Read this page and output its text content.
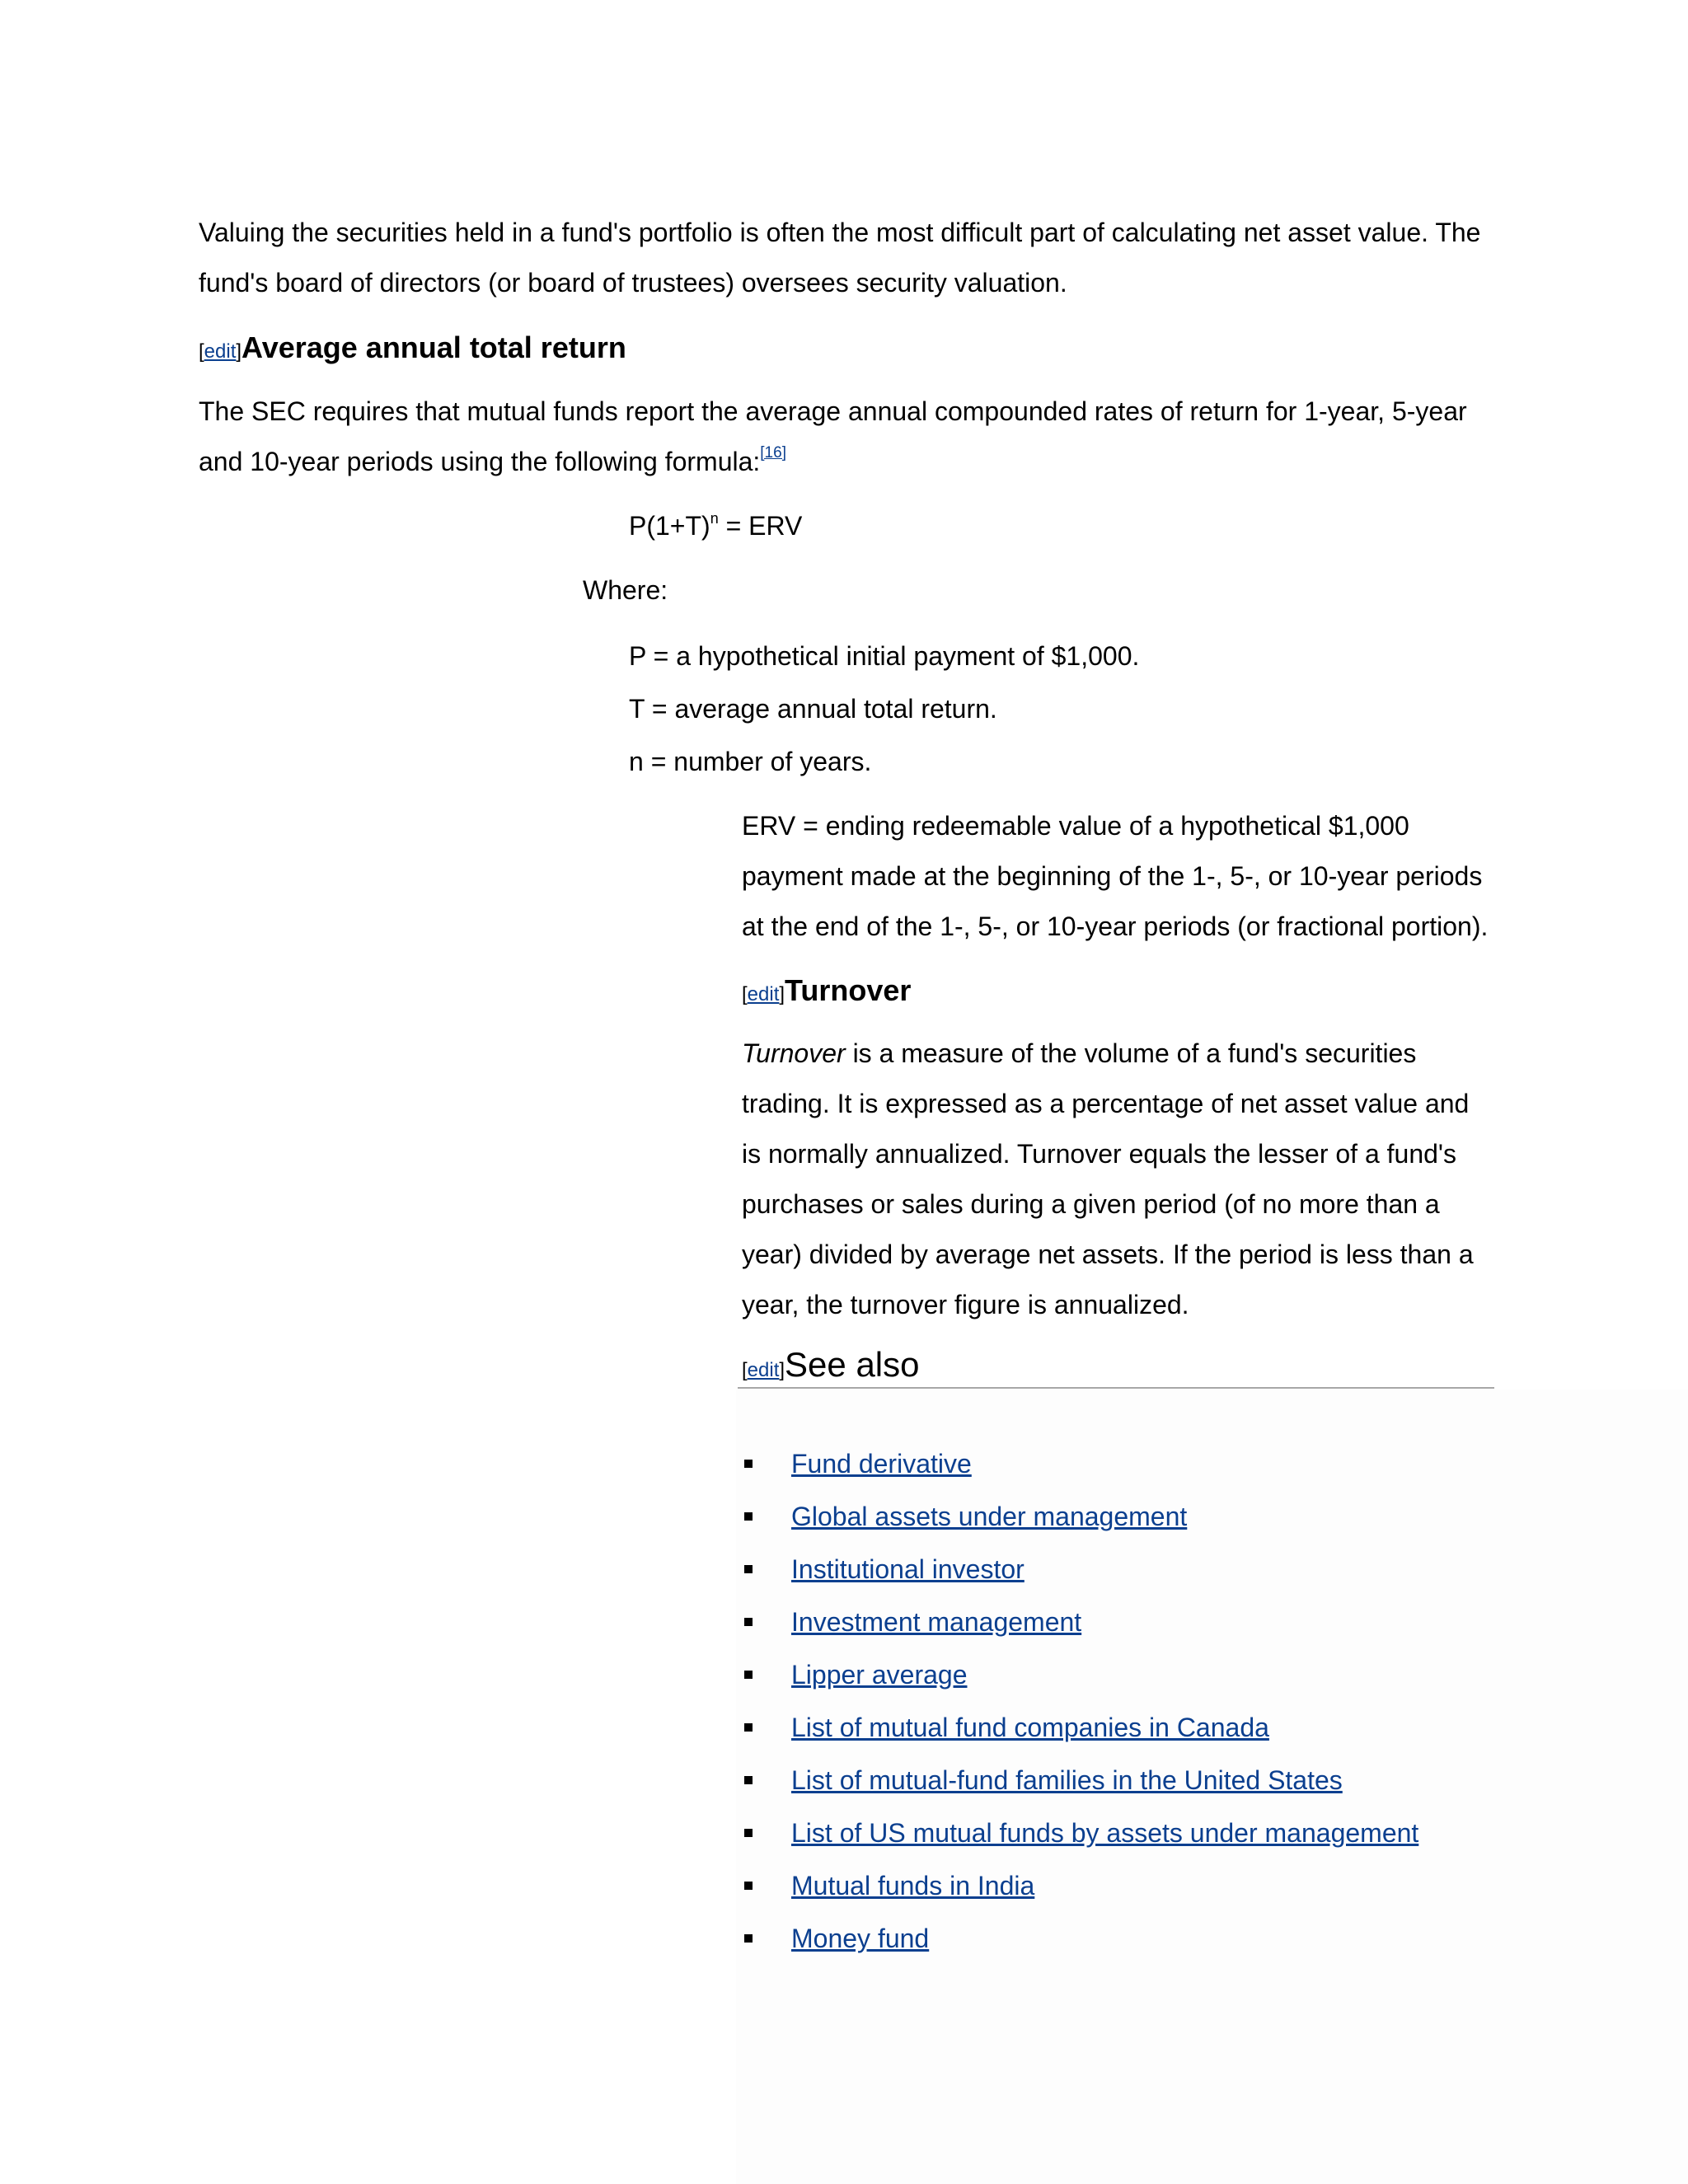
Valuing the securities held in a fund's portfolio is often the most difficult part of calculating net asset value. The fund's board of directors (or board of trustees) oversees security valuation.

[edit]Average annual total return

The SEC requires that mutual funds report the average annual compounded rates of return for 1-year, 5-year and 10-year periods using the following formula:[16]

$P(1+T)^n$ = ERV
Where:
P = a hypothetical initial payment of $1,000.
T = average annual total return.
n = number of years.

ERV = ending redeemable value of a hypothetical $1,000 payment made at the beginning of the 1-, 5-, or 10-year periods at the end of the 1-, 5-, or 10-year periods (or fractional portion).

[edit]Turnover

Turnover is a measure of the volume of a fund's securities trading. It is expressed as a percentage of net asset value and is normally annualized. Turnover equals the lesser of a fund's purchases or sales during a given period (of no more than a year) divided by average net assets. If the period is less than a year, the turnover figure is annualized.

[edit]See also
Fund derivative
Global assets under management
Institutional investor
Investment management
Lipper average
List of mutual fund companies in Canada
List of mutual-fund families in the United States
List of US mutual funds by assets under management
Mutual funds in India
Money fund
